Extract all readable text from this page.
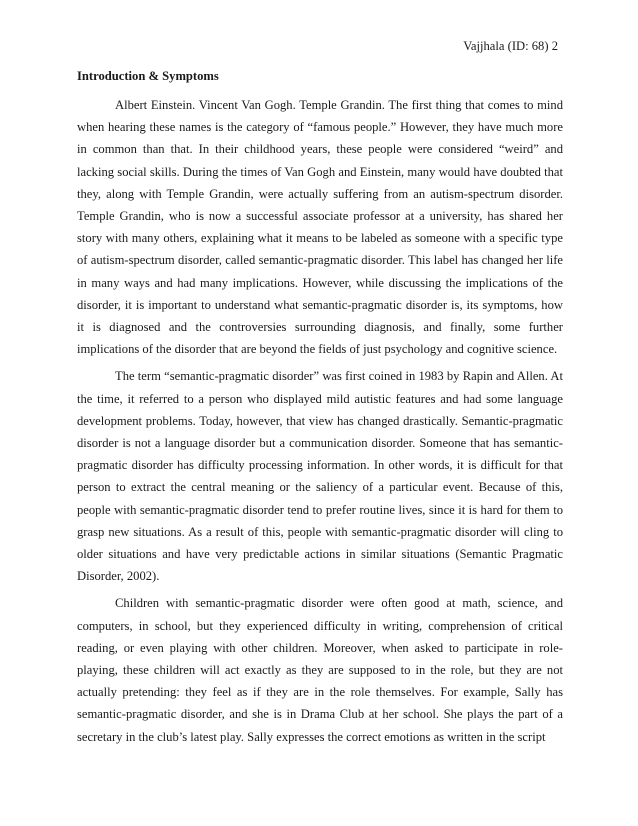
Vajjhala (ID: 68) 2
Introduction & Symptoms

Albert Einstein. Vincent Van Gogh. Temple Grandin. The first thing that comes to mind when hearing these names is the category of “famous people.” However, they have much more in common than that. In their childhood years, these people were considered “weird” and lacking social skills. During the times of Van Gogh and Einstein, many would have doubted that they, along with Temple Grandin, were actually suffering from an autism-spectrum disorder. Temple Grandin, who is now a successful associate professor at a university, has shared her story with many others, explaining what it means to be labeled as someone with a specific type of autism-spectrum disorder, called semantic-pragmatic disorder. This label has changed her life in many ways and had many implications. However, while discussing the implications of the disorder, it is important to understand what semantic-pragmatic disorder is, its symptoms, how it is diagnosed and the controversies surrounding diagnosis, and finally, some further implications of the disorder that are beyond the fields of just psychology and cognitive science.

The term “semantic-pragmatic disorder” was first coined in 1983 by Rapin and Allen. At the time, it referred to a person who displayed mild autistic features and had some language development problems. Today, however, that view has changed drastically. Semantic-pragmatic disorder is not a language disorder but a communication disorder. Someone that has semantic-pragmatic disorder has difficulty processing information. In other words, it is difficult for that person to extract the central meaning or the saliency of a particular event. Because of this, people with semantic-pragmatic disorder tend to prefer routine lives, since it is hard for them to grasp new situations. As a result of this, people with semantic-pragmatic disorder will cling to older situations and have very predictable actions in similar situations (Semantic Pragmatic Disorder, 2002).

Children with semantic-pragmatic disorder were often good at math, science, and computers, in school, but they experienced difficulty in writing, comprehension of critical reading, or even playing with other children. Moreover, when asked to participate in role-playing, these children will act exactly as they are supposed to in the role, but they are not actually pretending: they feel as if they are in the role themselves. For example, Sally has semantic-pragmatic disorder, and she is in Drama Club at her school. She plays the part of a secretary in the club’s latest play. Sally expresses the correct emotions as written in the script
